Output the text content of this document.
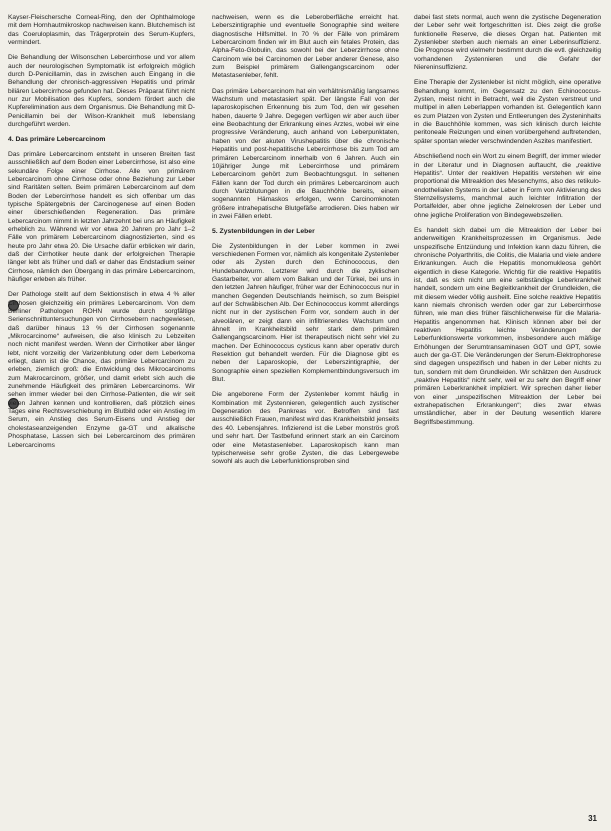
Kayser-Fleischersche Corneal-Ring, den der Ophthalmologe mit dem Hornhautmikroskop nachweisen kann. Blutchemisch ist das Coeruloplasmin, das Trägerprotein des Serum-Kupfers, vermindert.

Die Behandlung der Wilsonschen Lebercirrhose und vor allem auch der neurologischen Symptomatik ist erfolgreich möglich durch D-Penicillamin, das in zwischen auch Eingang in die Behandlung der chronisch-aggressiven Hepatitis und primär biliären Lebercirrhose gefunden hat. Dieses Präparat führt nicht nur zur Mobilisation des Kupfers, sondern fördert auch die Kupferelimination aus dem Organismus. Die Behandlung mit D-Penicillamin bei der Wilson-Krankheit muß lebenslang durchgeführt werden.

4. Das primäre Lebercarcinom

Das primäre Lebercarcinom entsteht in unseren Breiten fast ausschließlich auf dem Boden einer Lebercirrhose, ist also eine sekundäre Folge einer Cirrhose. Alle von primärem Lebercarcinom ohne Cirrhose oder ohne Beziehung zur Leber sind Raritäten selten. Beim primären Lebercarcinom auf dem Boden der Lebercirrhose handelt es sich offenbar um das typische Spätergebnis der Carcinogenese auf einen Boden einer überschießenden Regeneration. Das primäre Lebercarcinom nimmt in letzten Jahrzehnt bei uns an Häufigkeit erheblich zu. Während wir vor etwa 20 Jahren pro Jahr 1–2 Fälle von primärem Lebercarcinom diagnostizierten, sind es heute pro Jahr etwa 20. Die Ursache dafür erblicken wir darin, daß der Cirrhotiker heute dank der erfolgreichen Therapie länger lebt als früher und daß er daher das Endstadium seiner Cirrhose, nämlich den Übergang in das primäre Lebercarcinom, häufiger erleben als früher.

Der Pathologe stellt auf dem Sektionstisch in etwa 4 % aller Cirrhosen gleichzeitig ein primäres Lebercarcinom. Von dem Berliner Pathologen ROHN wurde durch sorgfältige Serienschnittuntersuchungen von Cirrhosebern nachgewiesen, daß darüber hinaus 13 % der Cirrhosen sogenannte „Mikrocarcinome“ aufweisen, die also klinisch zu Lebzeiten noch nicht manifest werden. Wenn der Cirrhotiker aber länger lebt, nicht vorzeitig der Varizenblutung oder dem Leberkoma erliegt, dann ist die Chance, das primäre Lebercarcinom zu erleben, ziemlich groß: die Entwicklung des Mikrocarcinoms zum Makrocarcinom, größer, und damit erlebt sich auch die zunehmende Häufigkeit des primären Lebercarcinoms. Wir sehen immer wieder bei den Cirrhose-Patienten, die wir seit vielen Jahren kennen und kontrollieren, daß plötzlich eines Tages eine Rechtsverschiebung im Blutbild oder ein Anstieg im Serum, ein Anstieg des Serum-Eisens und Anstieg der cholestaseanzeigenden Enzyme ga-GT und alkalische Phosphatase, Lassen sich bei Lebercarcinom des primären Lebercarcinoms

nachweisen, wenn es die Leberoberfläche erreicht hat. Leberszintigraphie und eventuelle Sonographie sind weitere diagnostische Hilfsmittel. In 70 % der Fälle von primärem Lebercarcinom finden wir im Blut auch ein fetales Protein, das Alpha-Feto-Globulin, das sowohl bei der Leberzirrhose ohne Carcinom wie bei Carcinomen der Leber anderer Genese, also zum Beispiel primärem Gallengangscarcinom oder Metastasenleber, fehlt.

Das primäre Lebercarcinom hat ein verhältnismäßig langsames Wachstum und metastasiert spät. Der längste Fall von der laparoskopischen Erkennung bis zum Tod, den wir gesehen haben, dauerte 9 Jahre. Degegen verfügen wir aber auch über eine Beobachtung der Erkrankung eines Arztes, wobei wir eine progressive Veränderung, auch anhand von Leberpunktaten, haben von der akuten Virushepatitis über die chronische Hepatitis und post-hepatitische Lebercirrhose bis zum Tod am primären Lebercarcinom innerhalb von 6 Jahren. Auch ein 10jähriger Junge mit Lebercirrhose und primärem Lebercarcinom gehört zum Beobachtungsgut. In seltenen Fällen kann der Tod durch ein primäres Lebercarcinom auch durch Varizblutungen in die Bauchhöhle bereits, einem sogenannten Hämaskos erfolgen, wenn Carcinomknoten größere intrahepatische Blutgefäße arrodieren. Dies haben wir in zwei Fällen erlebt.

5. Zystenbildungen in der Leber

Die Zystenbildungen in der Leber kommen in zwei verschiedenen Formen vor, nämlich als kongenitale Zystenleber oder als Zysten durch den Echinococcus, den Hundebandwurm. Letzterer wird durch die zyklischen Gastarbeiter, vor allem vom Balkan und der Türkei, bei uns in den letzten Jahren häufiger, früher war der Echinococcus nur in manchen Gegenden Deutschlands heimisch, so zum Beispiel auf der Schwäbischen Alb. Der Echinococcus kommt allerdings nicht nur in der zystischen Form vor, sondern auch in der alveolären, er zeigt dann ein infiltrierendes Wachstum und ähnelt im Krankheitsbild sehr stark dem primären Gallengangscarcinom. Hier ist therapeutisch nicht sehr viel zu machen. Der Echinococcus cysticus kann aber operativ durch Resektion gut behandelt werden. Für die Diagnose gibt es neben der Laparoskopie, der Leberszintigraphie, der Sonographie einen speziellen Komplementbindungsversuch im Blut.

Die angeborene Form der Zystenleber kommt häufig in Kombination mit Zystennieren, gelegentlich auch zystischer Degeneration des Pankreas vor. Betroffen sind fast ausschließlich Frauen, manifest wird das Krankheitsbild jenseits des 40. Lebensjahres. Infizierend ist die Leber monströs groß und sehr hart. Der Tastbefund erinnert stark an ein Carcinom oder eine Metastasenleber. Laparoskopisch kann man typischerweise sehr große Zysten, die das Lebergewebe sowohl als auch die Leberfunktionsproben sind

dabei fast stets normal, auch wenn die zystische Degeneration der Leber sehr weit fortgeschritten ist. Dies zeigt die große funktionelle Reserve, die dieses Organ hat. Patienten mit Zystenleber sterben auch niemals an einer Leberinsuffizienz. Die Prognose wird vielmehr bestimmt durch die evtl. gleichzeitig vorhandenen Zystennieren und die Gefahr der Niereninsuffizienz.

Eine Therapie der Zystenleber ist nicht möglich, eine operative Behandlung kommt, im Gegensatz zu den Echinococcus-Zysten, meist nicht in Betracht, weil die Zysten verstreut und multipel in allen Leberlappen vorhanden ist. Gelegentlich kann es zum Platzen von Zysten und Entleerungen des Zysteninhalts in die Bauchhöhle kommen, was sich klinisch durch leichte peritoneale Reizungen und einen vorübergehend auftretenden, später spontan wieder verschwindenden Aszites manifestiert.

Abschließend noch ein Wort zu einem Begriff, der immer wieder in der Literatur und in Diagnosen auftaucht, die „reaktive Hepatitis“. Unter der reaktiven Hepatitis verstehen wir eine proportional die Mitreaktion des Mesenchyms, also des retikulo-endothelialen Systems in der Leber in Form von Aktivierung des Sternzellsystems, manchmal auch leichter Infiltration der Portalfelder, aber ohne jegliche Zelnekrosen der Leber und ohne jegliche Proliferation von Bindegewebszellen.

Es handelt sich dabei um die Mitreaktion der Leber bei anderweitigen Krankheitsprozessen im Organismus. Jede unspezifische Entzündung und Infektion kann dazu führen, die chronische Polyarthritis, die Colitis, die Malaria und viele andere Erkrankungen. Auch die Hepatitis monomukleosa gehört eigentlich in diese Kategorie. Wichtig für die reaktive Hepatitis ist, daß es sich nicht um eine selbständige Leberkrankheit handelt, sondern um eine Begleitkrankheit der Grundleiden, die mit diesem wieder völlig ausheilt. Eine solche reaktive Hepatitis kann niemals chronisch werden oder gar zur Lebercirrhose führen, wie man dies früher fälschlicherweise für die Malaria-Hepatitis angenommen hat. Klinisch können aber bei der reaktiven Hepatitis leichte Veränderungen der Leberfunktionswerte vorkommen, insbesondere auch mäßige Erhöhungen der Serumtransaminasen GOT und GPT, sowie auch der ga-GT. Die Veränderungen der Serum-Elektrophorese sind dagegen unspezifisch und haben in der Leber nichts zu tun, sondern mit dem Grundleiden. Wir schätzen den Ausdruck „reaktive Hepatitis“ nicht sehr, weil er zu sehr den Begriff einer primären Leberkrankheit impliziert. Wir sprechen daher lieber von einer „unspezifischen Mitreaktion der Leber bei extrahepatischen Erkrankungen“; dies zwar etwas umständlicher, aber in der Deutung wesentlich klarere Begriffsbestimmung.

31
